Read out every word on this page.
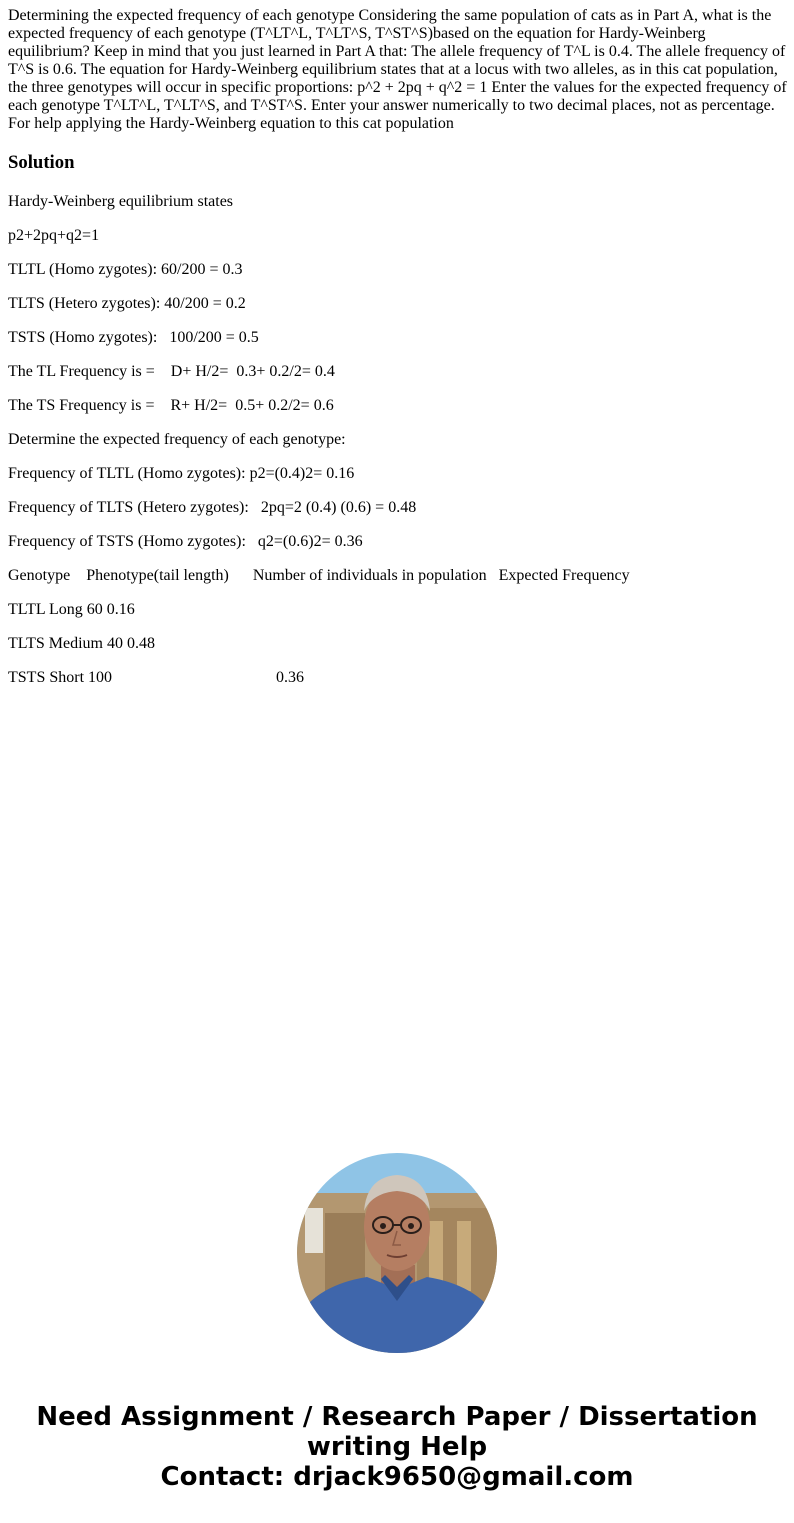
Determining the expected frequency of each genotype Considering the same population of cats as in Part A, what is the expected frequency of each genotype (T^LT^L, T^LT^S, T^ST^S)based on the equation for Hardy-Weinberg equilibrium? Keep in mind that you just learned in Part A that: The allele frequency of T^L is 0.4. The allele frequency of T^S is 0.6. The equation for Hardy-Weinberg equilibrium states that at a locus with two alleles, as in this cat population, the three genotypes will occur in specific proportions: p^2 + 2pq + q^2 = 1 Enter the values for the expected frequency of each genotype T^LT^L, T^LT^S, and T^ST^S. Enter your answer numerically to two decimal places, not as percentage. For help applying the Hardy-Weinberg equation to this cat population

Solution

Hardy-Weinberg equilibrium states

p2+2pq+q2=1

TLTL (Homo zygotes): 60/200 = 0.3

TLTS (Hetero zygotes): 40/200 = 0.2

TSTS (Homo zygotes):   100/200 = 0.5

The TL Frequency is =    D+ H/2=  0.3+ 0.2/2= 0.4

The TS Frequency is =    R+ H/2=  0.5+ 0.2/2= 0.6

Determine the expected frequency of each genotype:

Frequency of TLTL (Homo zygotes): p2=(0.4)2= 0.16

Frequency of TLTS (Hetero zygotes):   2pq=2 (0.4) (0.6) = 0.48

Frequency of TSTS (Homo zygotes):   q2=(0.6)2= 0.36

Genotype    Phenotype(tail length)      Number of individuals in population   Expected Frequency

TLTL Long 60 0.16

TLTS Medium 40 0.48

TSTS Short 100                                         0.36

Need Assignment / Research Paper / Dissertation
writing Help
Contact: drjack9650@gmail.com
